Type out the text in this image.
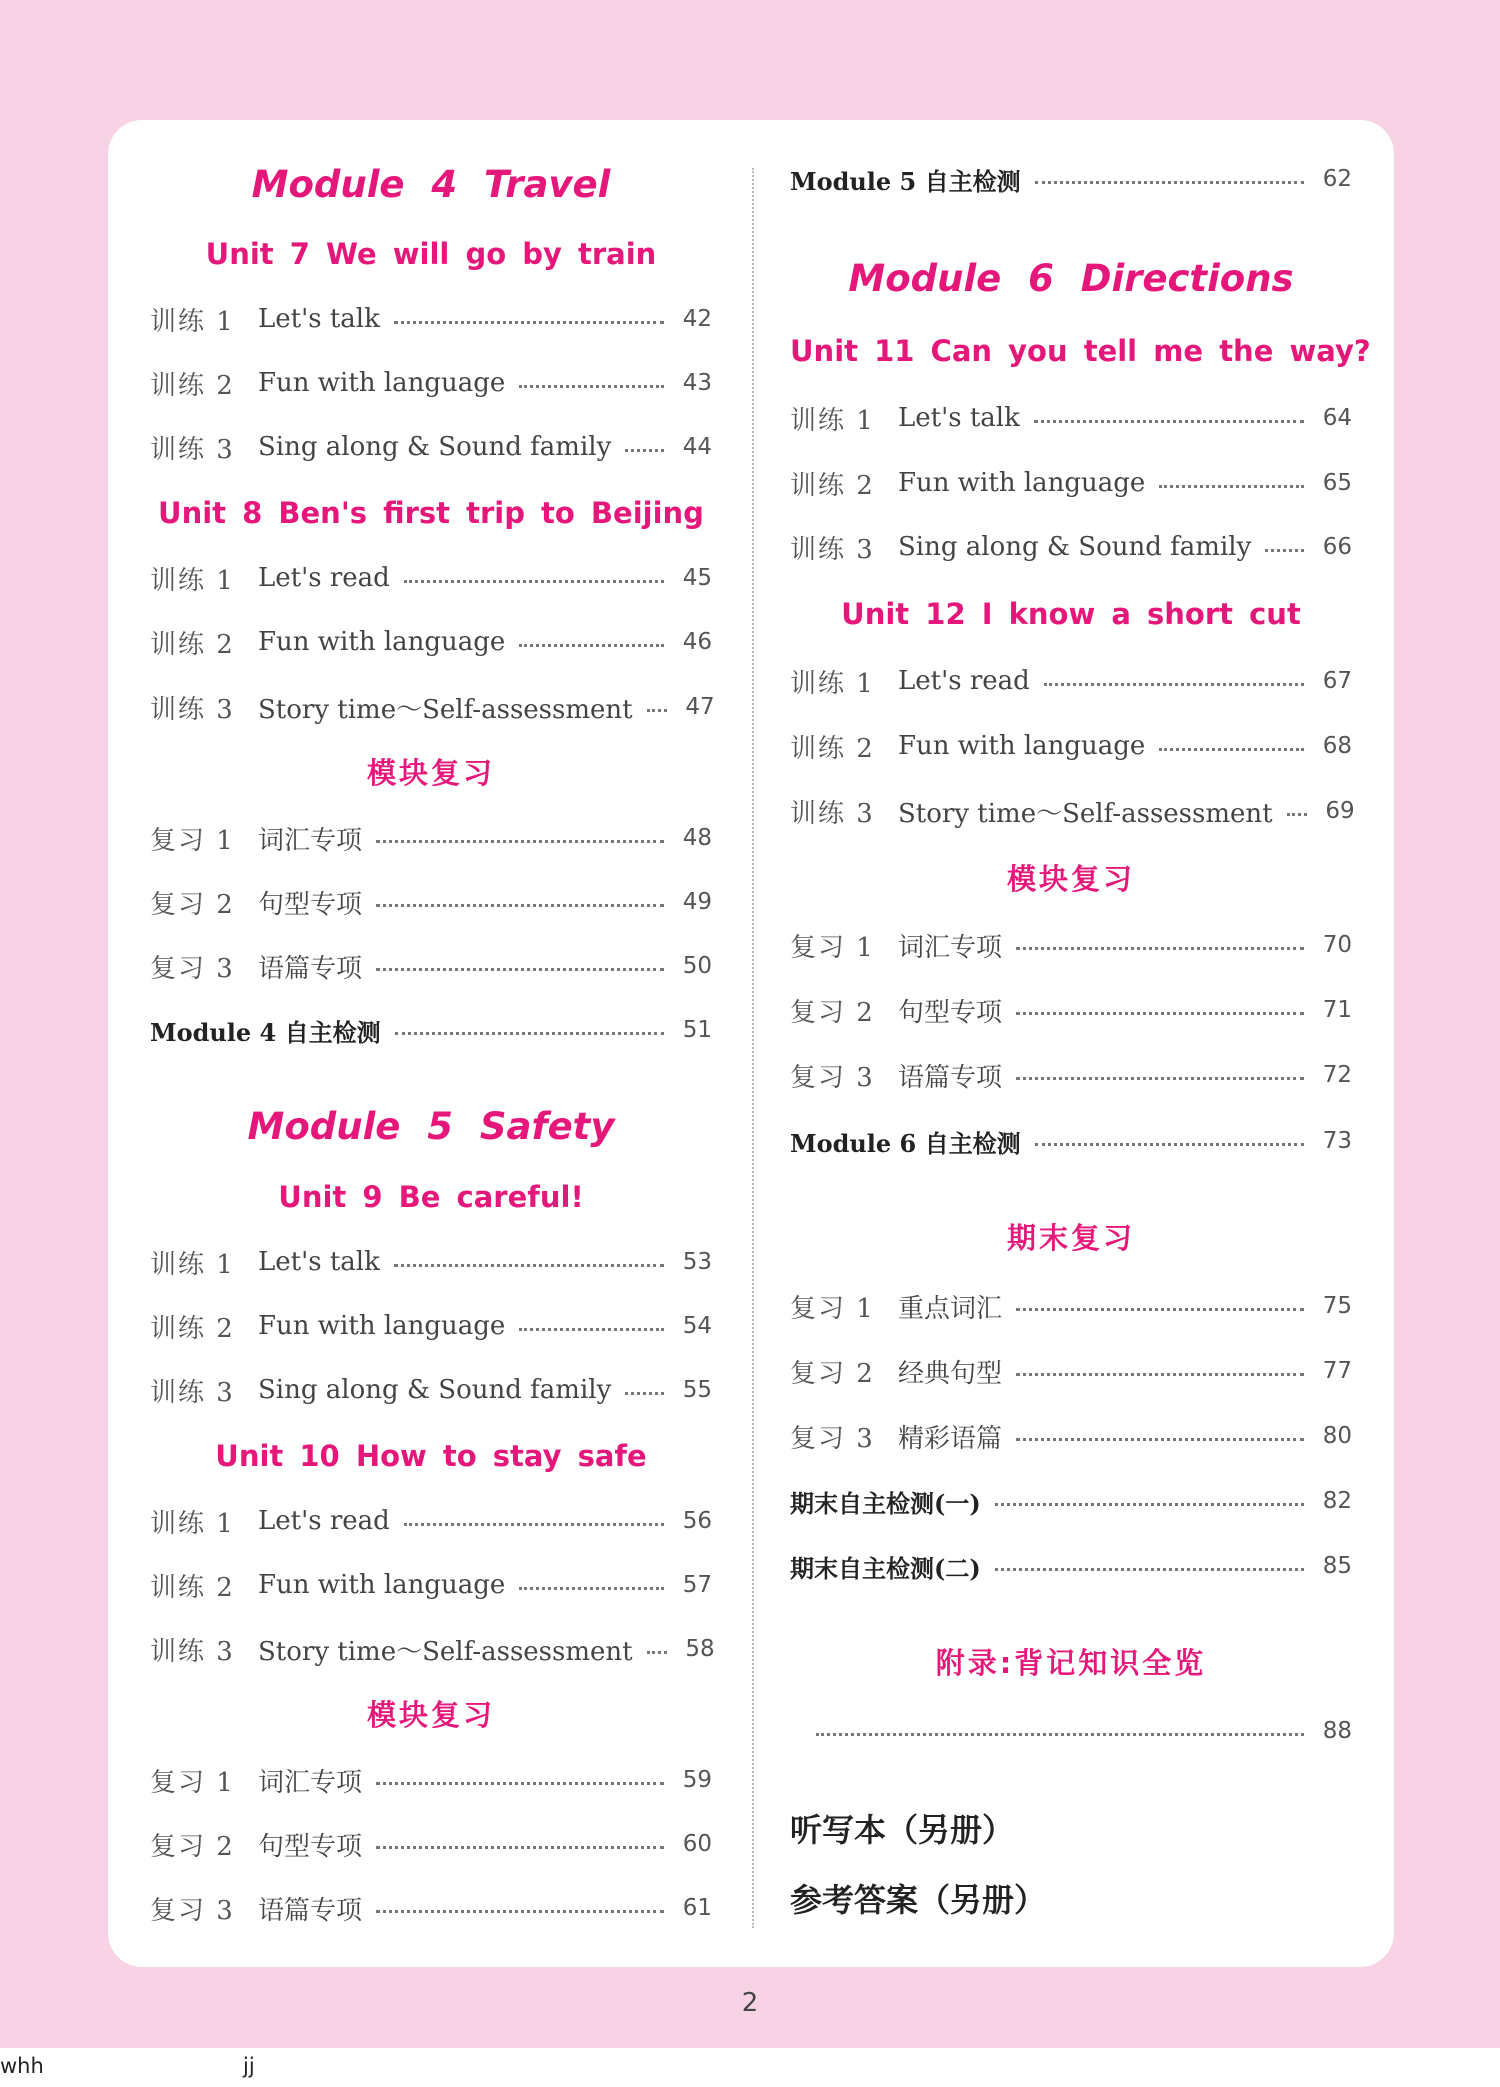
Module 4 Travel
Unit 7 We will go by train
训练 1 Let's talk	42
训练 2 Fun with language	43
训练 3 Sing along & Sound family	44
Unit 8 Ben's first trip to Beijing
训练 1 Let's read	45
训练 2 Fun with language	46
训练 3 Story time～Self-assessment 47
模块复习
复习 1 词汇专项	48
复习 2 句型专项	49
复习 3 语篇专项	50
Module 4 自主检测	51
Module 5 Safety
Unit 9 Be careful!
训练 1 Let's talk	53
训练 2 Fun with language	54
训练 3 Sing along & Sound family	55
Unit 10 How to stay safe
训练 1 Let's read	56
训练 2 Fun with language	57
训练 3 Story time～Self-assessment 58
模块复习
复习 1 词汇专项	59
复习 2 句型专项	60
复习 3 语篇专项	61
Module 5 自主检测	62
Module 6 Directions
Unit 11 Can you tell me the way?
训练 1 Let's talk	64
训练 2 Fun with language	65
训练 3 Sing along & Sound family	66
Unit 12 I know a short cut
训练 1 Let's read	67
训练 2 Fun with language	68
训练 3 Story time～Self-assessment 69
模块复习
复习 1 词汇专项	70
复习 2 句型专项	71
复习 3 语篇专项	72
Module 6 自主检测	73
期末复习
复习 1 重点词汇	75
复习 2 经典句型	77
复习 3 精彩语篇	80
期末自主检测(一)	82
期末自主检测(二)	85
附录:背记知识全览
88
听写本（另册）
参考答案（另册）
2
whh	jj
